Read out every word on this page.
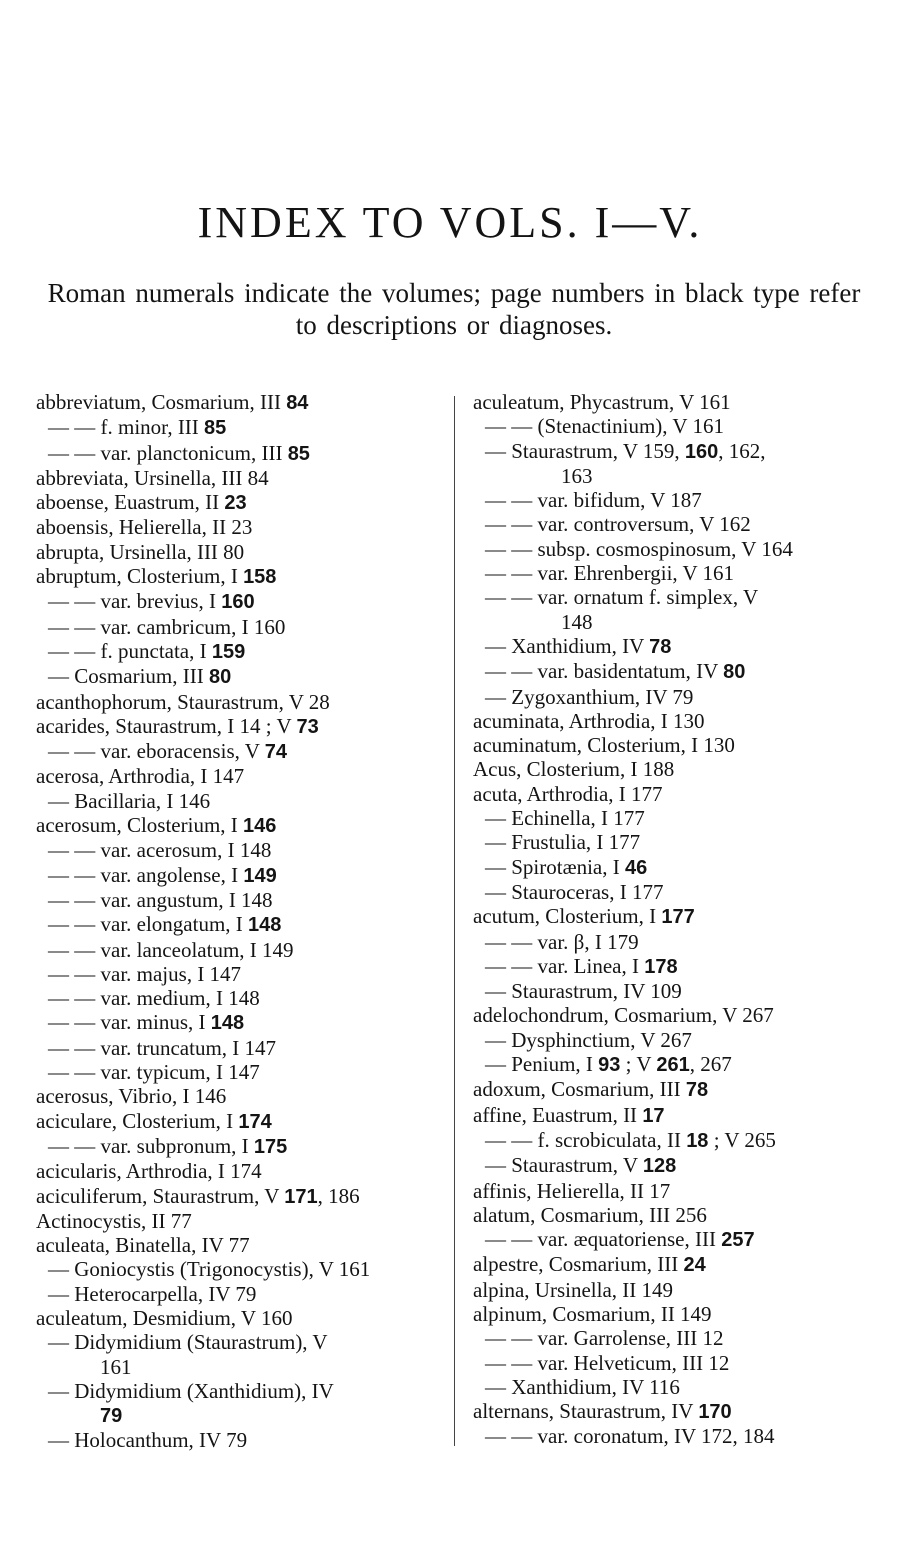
INDEX TO VOLS. I—V.

Roman numerals indicate the volumes; page numbers in black type refer to descriptions or diagnoses.

abbreviatum, Cosmarium, III 84
— — f. minor, III 85
— — var. planctonicum, III 85
abbreviata, Ursinella, III 84
aboense, Euastrum, II 23
aboensis, Helierella, II 23
abrupta, Ursinella, III 80
abruptum, Closterium, I 158
— — var. brevius, I 160
— — var. cambricum, I 160
— — f. punctata, I 159
— Cosmarium, III 80
acanthophorum, Staurastrum, V 28
acarides, Staurastrum, I 14 ; V 73
— — var. eboracensis, V 74
acerosa, Arthrodia, I 147
— Bacillaria, I 146
acerosum, Closterium, I 146
— — var. acerosum, I 148
— — var. angolense, I 149
— — var. angustum, I 148
— — var. elongatum, I 148
— — var. lanceolatum, I 149
— — var. majus, I 147
— — var. medium, I 148
— — var. minus, I 148
— — var. truncatum, I 147
— — var. typicum, I 147
acerosus, Vibrio, I 146
aciculare, Closterium, I 174
— — var. subpronum, I 175
acicularis, Arthrodia, I 174
aciculiferum, Staurastrum, V 171, 186
Actinocystis, II 77
aculeata, Binatella, IV 77
— Goniocystis (Trigonocystis), V 161
— Heterocarpella, IV 79
aculeatum, Desmidium, V 160
— Didymidium (Staurastrum), V
161
— Didymidium (Xanthidium), IV
79
— Holocanthum, IV 79
aculeatum, Phycastrum, V 161
— — (Stenactinium), V 161
— Staurastrum, V 159, 160, 162,
163
— — var. bifidum, V 187
— — var. controversum, V 162
— — subsp. cosmospinosum, V 164
— — var. Ehrenbergii, V 161
— — var. ornatum f. simplex, V
148
— Xanthidium, IV 78
— — var. basidentatum, IV 80
— Zygoxanthium, IV 79
acuminata, Arthrodia, I 130
acuminatum, Closterium, I 130
Acus, Closterium, I 188
acuta, Arthrodia, I 177
— Echinella, I 177
— Frustulia, I 177
— Spirotænia, I 46
— Stauroceras, I 177
acutum, Closterium, I 177
— — var. β, I 179
— — var. Linea, I 178
— Staurastrum, IV 109
adelochondrum, Cosmarium, V 267
— Dysphinctium, V 267
— Penium, I 93 ; V 261, 267
adoxum, Cosmarium, III 78
affine, Euastrum, II 17
— — f. scrobiculata, II 18 ; V 265
— Staurastrum, V 128
affinis, Helierella, II 17
alatum, Cosmarium, III 256
— — var. æquatoriense, III 257
alpestre, Cosmarium, III 24
alpina, Ursinella, II 149
alpinum, Cosmarium, II 149
— — var. Garrolense, III 12
— — var. Helveticum, III 12
— Xanthidium, IV 116
alternans, Staurastrum, IV 170
— — var. coronatum, IV 172, 184
